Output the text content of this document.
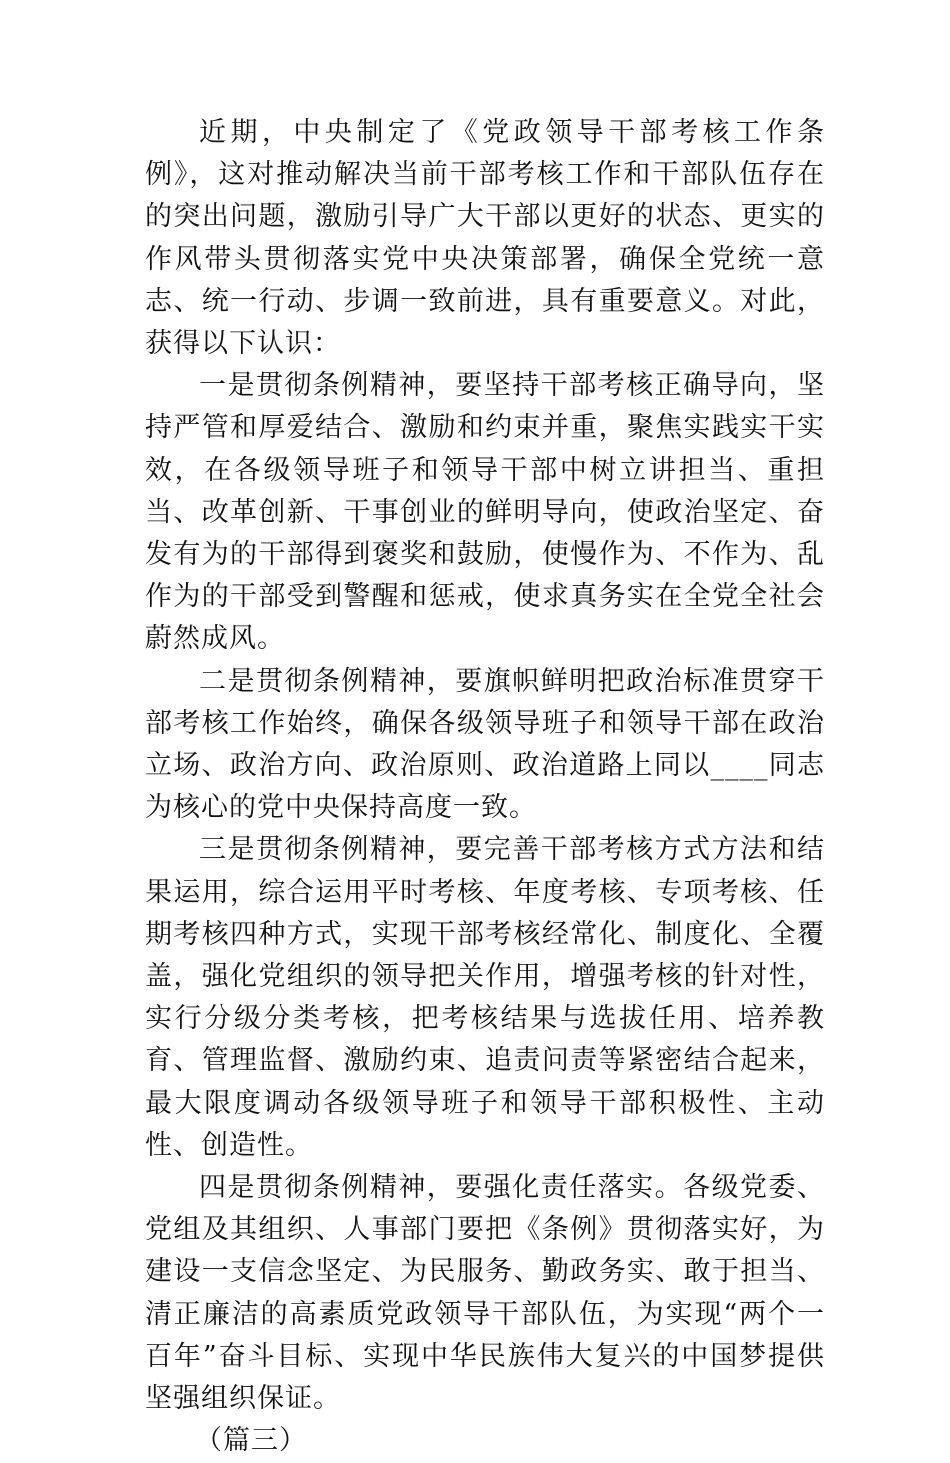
近期，中央制定了《党政领导干部考核工作条例》，这对推动解决当前干部考核工作和干部队伍存在的突出问题，激励引导广大干部以更好的状态、更实的作风带头贯彻落实党中央决策部署，确保全党统一意志、统一行动、步调一致前进，具有重要意义。对此，获得以下认识：

一是贯彻条例精神，要坚持干部考核正确导向，坚持严管和厚爱结合、激励和约束并重，聚焦实践实干实效，在各级领导班子和领导干部中树立讲担当、重担当、改革创新、干事创业的鲜明导向，使政治坚定、奋发有为的干部得到褒奖和鼓励，使慢作为、不作为、乱作为的干部受到警醒和惩戒，使求真务实在全党全社会蔚然成风。

二是贯彻条例精神，要旗帜鲜明把政治标准贯穿干部考核工作始终，确保各级领导班子和领导干部在政治立场、政治方向、政治原则、政治道路上同以____同志为核心的党中央保持高度一致。

三是贯彻条例精神，要完善干部考核方式方法和结果运用，综合运用平时考核、年度考核、专项考核、任期考核四种方式，实现干部考核经常化、制度化、全覆盖，强化党组织的领导把关作用，增强考核的针对性，实行分级分类考核，把考核结果与选拔任用、培养教育、管理监督、激励约束、追责问责等紧密结合起来，最大限度调动各级领导班子和领导干部积极性、主动性、创造性。

四是贯彻条例精神，要强化责任落实。各级党委、党组及其组织、人事部门要把《条例》贯彻落实好，为建设一支信念坚定、为民服务、勤政务实、敢于担当、清正廉洁的高素质党政领导干部队伍，为实现“两个一百年”奋斗目标、实现中华民族伟大复兴的中国梦提供坚强组织保证。

（篇三）
